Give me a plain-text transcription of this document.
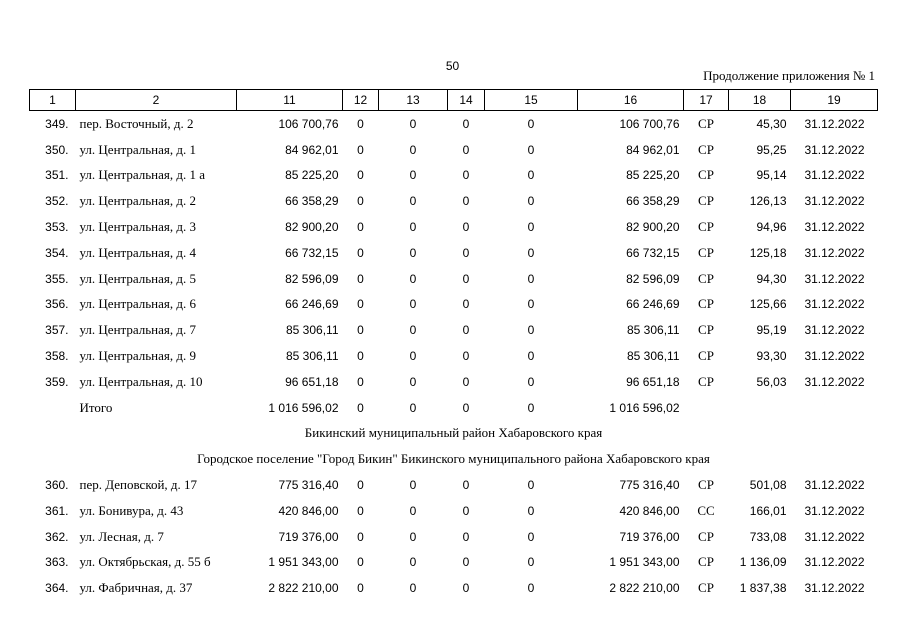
50
Продолжение приложения № 1
1	2	11	12	13	14	15	16	17	18	19
349.	пер. Восточный, д. 2	106 700,76	0	0	0	0	106 700,76	СР	45,30	31.12.2022
350.	ул. Центральная, д. 1	84 962,01	0	0	0	0	84 962,01	СР	95,25	31.12.2022
351.	ул. Центральная, д. 1 а	85 225,20	0	0	0	0	85 225,20	СР	95,14	31.12.2022
352.	ул. Центральная, д. 2	66 358,29	0	0	0	0	66 358,29	СР	126,13	31.12.2022
353.	ул. Центральная, д. 3	82 900,20	0	0	0	0	82 900,20	СР	94,96	31.12.2022
354.	ул. Центральная, д. 4	66 732,15	0	0	0	0	66 732,15	СР	125,18	31.12.2022
355.	ул. Центральная, д. 5	82 596,09	0	0	0	0	82 596,09	СР	94,30	31.12.2022
356.	ул. Центральная, д. 6	66 246,69	0	0	0	0	66 246,69	СР	125,66	31.12.2022
357.	ул. Центральная, д. 7	85 306,11	0	0	0	0	85 306,11	СР	95,19	31.12.2022
358.	ул. Центральная, д. 9	85 306,11	0	0	0	0	85 306,11	СР	93,30	31.12.2022
359.	ул. Центральная, д. 10	96 651,18	0	0	0	0	96 651,18	СР	56,03	31.12.2022
	Итого	1 016 596,02	0	0	0	0	1 016 596,02			
Бикинский муниципальный район Хабаровского края										
Городское поселение "Город Бикин" Бикинского муниципального района Хабаровского края										
360.	пер. Деповской, д. 17	775 316,40	0	0	0	0	775 316,40	СР	501,08	31.12.2022
361.	ул. Бонивура, д. 43	420 846,00	0	0	0	0	420 846,00	СС	166,01	31.12.2022
362.	ул. Лесная, д. 7	719 376,00	0	0	0	0	719 376,00	СР	733,08	31.12.2022
363.	ул. Октябрьская, д. 55 б	1 951 343,00	0	0	0	0	1 951 343,00	СР	1 136,09	31.12.2022
364.	ул. Фабричная, д. 37	2 822 210,00	0	0	0	0	2 822 210,00	СР	1 837,38	31.12.2022
